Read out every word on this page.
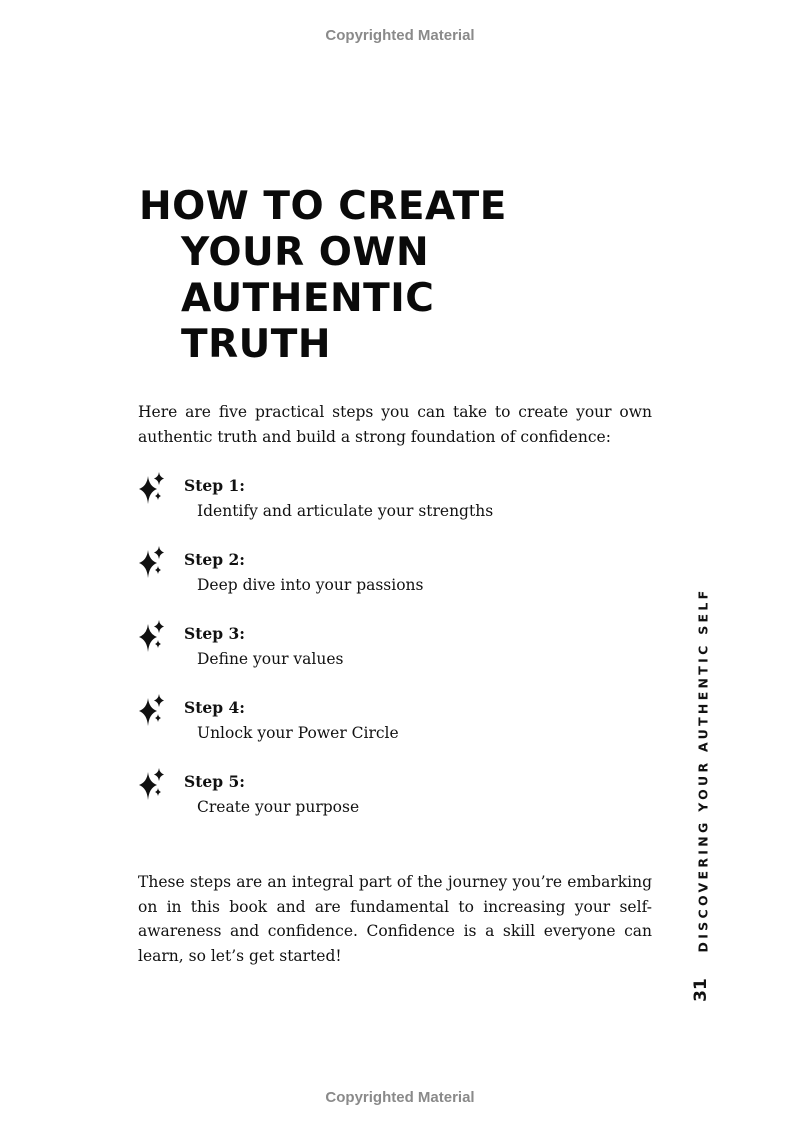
Copyrighted Material
HOW TO CREATE
YOUR OWN
AUTHENTIC
TRUTH

Here are five practical steps you can take to create your own authentic truth and build a strong foundation of confidence:

Step 1:
Identify and articulate your strengths
Step 2:
Deep dive into your passions
Step 3:
Define your values
Step 4:
Unlock your Power Circle
Step 5:
Create your purpose

These steps are an integral part of the journey you’re embarking on in this book and are fundamental to increasing your self-awareness and confidence. Confidence is a skill everyone can learn, so let’s get started!

DISCOVERING YOUR AUTHENTIC SELF
31
Copyrighted Material
